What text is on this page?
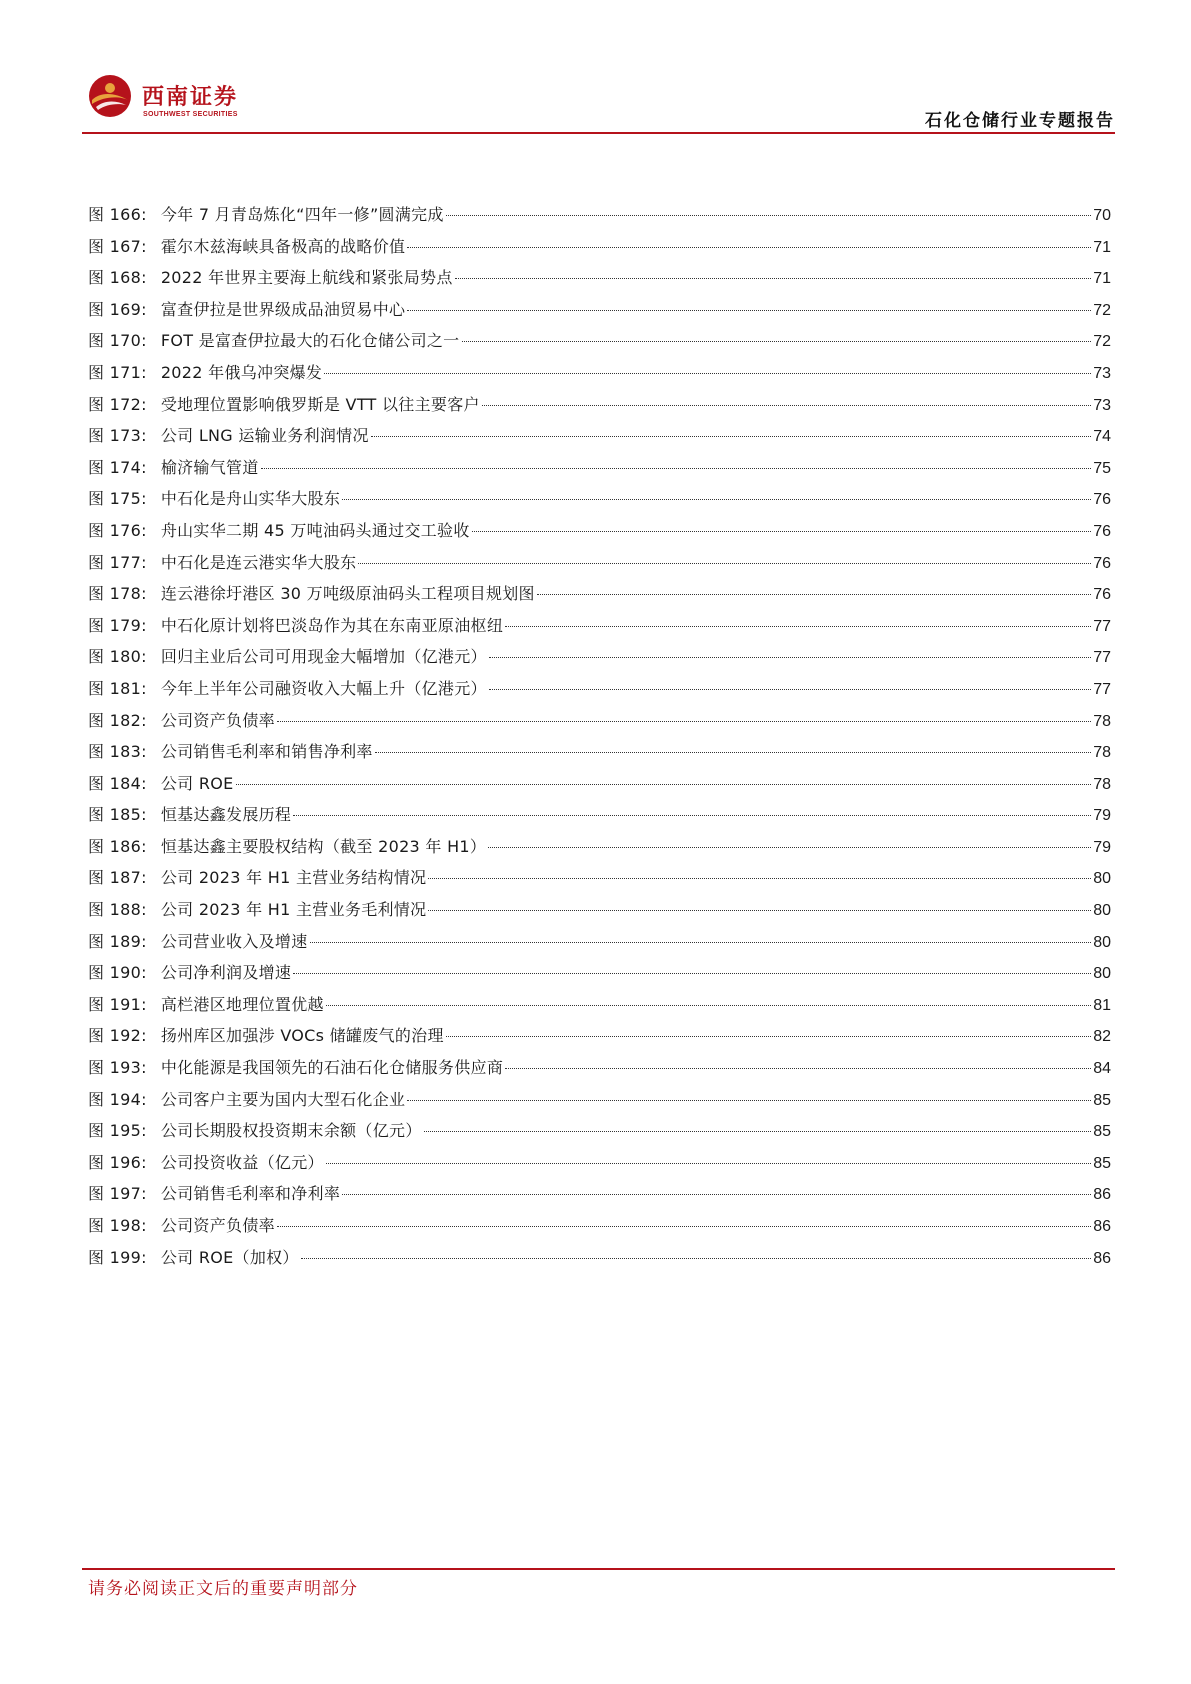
西南证券
SOUTHWEST SECURITIES	石化仓储行业专题报告
图 166: 今年 7 月青岛炼化“四年一修”圆满完成	70
图 167: 霍尔木兹海峡具备极高的战略价值	71
图 168: 2022 年世界主要海上航线和紧张局势点	71
图 169: 富查伊拉是世界级成品油贸易中心	72
图 170: FOT 是富查伊拉最大的石化仓储公司之一	72
图 171: 2022 年俄乌冲突爆发	73
图 172: 受地理位置影响俄罗斯是 VTT 以往主要客户	73
图 173: 公司 LNG 运输业务利润情况	74
图 174: 榆济输气管道	75
图 175: 中石化是舟山实华大股东	76
图 176: 舟山实华二期 45 万吨油码头通过交工验收	76
图 177: 中石化是连云港实华大股东	76
图 178: 连云港徐圩港区 30 万吨级原油码头工程项目规划图	76
图 179: 中石化原计划将巴淡岛作为其在东南亚原油枢纽	77
图 180: 回归主业后公司可用现金大幅增加（亿港元）	77
图 181: 今年上半年公司融资收入大幅上升（亿港元）	77
图 182: 公司资产负债率	78
图 183: 公司销售毛利率和销售净利率	78
图 184: 公司 ROE	78
图 185: 恒基达鑫发展历程	79
图 186: 恒基达鑫主要股权结构（截至 2023 年 H1）	79
图 187: 公司 2023 年 H1 主营业务结构情况	80
图 188: 公司 2023 年 H1 主营业务毛利情况	80
图 189: 公司营业收入及增速	80
图 190: 公司净利润及增速	80
图 191: 高栏港区地理位置优越	81
图 192: 扬州库区加强涉 VOCs 储罐废气的治理	82
图 193: 中化能源是我国领先的石油石化仓储服务供应商	84
图 194: 公司客户主要为国内大型石化企业	85
图 195: 公司长期股权投资期末余额（亿元）	85
图 196: 公司投资收益（亿元）	85
图 197: 公司销售毛利率和净利率	86
图 198: 公司资产负债率	86
图 199: 公司 ROE（加权）	86
请务必阅读正文后的重要声明部分
